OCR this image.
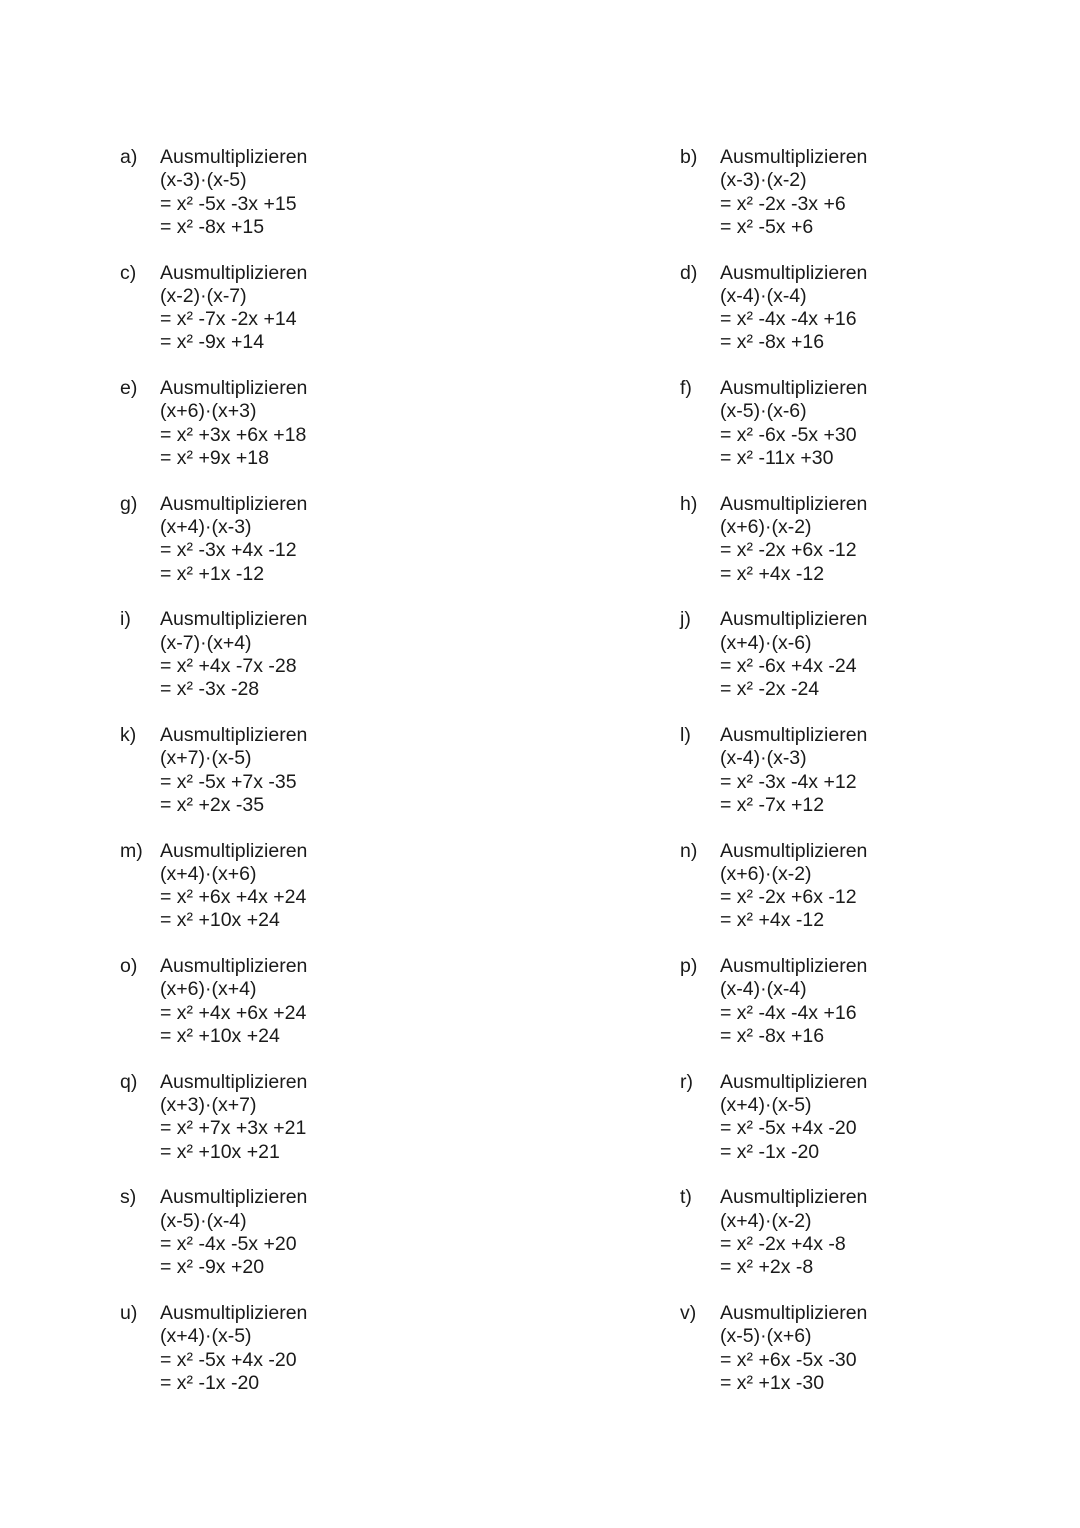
a) Ausmultiplizieren
(x-3)·(x-5)
= x² -5x -3x +15
= x² -8x +15
b) Ausmultiplizieren
(x-3)·(x-2)
= x² -2x -3x +6
= x² -5x +6
c) Ausmultiplizieren
(x-2)·(x-7)
= x² -7x -2x +14
= x² -9x +14
d) Ausmultiplizieren
(x-4)·(x-4)
= x² -4x -4x +16
= x² -8x +16
e) Ausmultiplizieren
(x+6)·(x+3)
= x² +3x +6x +18
= x² +9x +18
f) Ausmultiplizieren
(x-5)·(x-6)
= x² -6x -5x +30
= x² -11x +30
g) Ausmultiplizieren
(x+4)·(x-3)
= x² -3x +4x -12
= x² +1x -12
h) Ausmultiplizieren
(x+6)·(x-2)
= x² -2x +6x -12
= x² +4x -12
i) Ausmultiplizieren
(x-7)·(x+4)
= x² +4x -7x -28
= x² -3x -28
j) Ausmultiplizieren
(x+4)·(x-6)
= x² -6x +4x -24
= x² -2x -24
k) Ausmultiplizieren
(x+7)·(x-5)
= x² -5x +7x -35
= x² +2x -35
l) Ausmultiplizieren
(x-4)·(x-3)
= x² -3x -4x +12
= x² -7x +12
m) Ausmultiplizieren
(x+4)·(x+6)
= x² +6x +4x +24
= x² +10x +24
n) Ausmultiplizieren
(x+6)·(x-2)
= x² -2x +6x -12
= x² +4x -12
o) Ausmultiplizieren
(x+6)·(x+4)
= x² +4x +6x +24
= x² +10x +24
p) Ausmultiplizieren
(x-4)·(x-4)
= x² -4x -4x +16
= x² -8x +16
q) Ausmultiplizieren
(x+3)·(x+7)
= x² +7x +3x +21
= x² +10x +21
r) Ausmultiplizieren
(x+4)·(x-5)
= x² -5x +4x -20
= x² -1x -20
s) Ausmultiplizieren
(x-5)·(x-4)
= x² -4x -5x +20
= x² -9x +20
t) Ausmultiplizieren
(x+4)·(x-2)
= x² -2x +4x -8
= x² +2x -8
u) Ausmultiplizieren
(x+4)·(x-5)
= x² -5x +4x -20
= x² -1x -20
v) Ausmultiplizieren
(x-5)·(x+6)
= x² +6x -5x -30
= x² +1x -30
